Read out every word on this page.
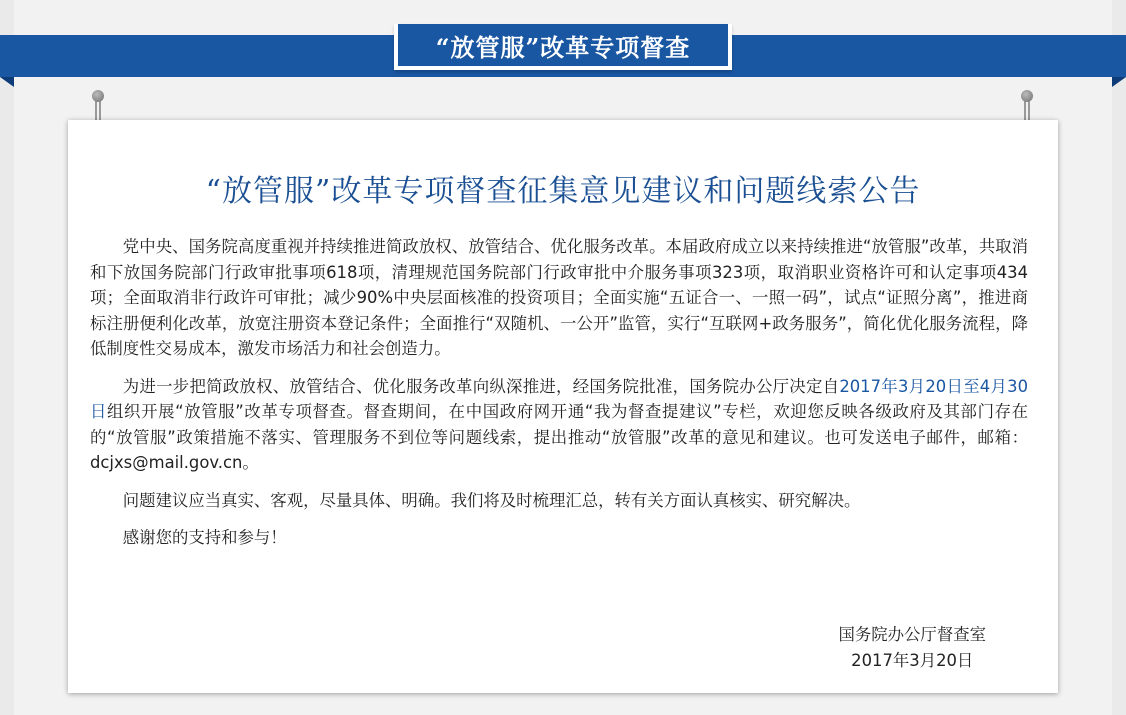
“放管服”改革专项督查
“放管服”改革专项督查征集意见建议和问题线索公告

党中央、国务院高度重视并持续推进简政放权、放管结合、优化服务改革。本届政府成立以来持续推进“放管服”改革，共取消和下放国务院部门行政审批事项618项，清理规范国务院部门行政审批中介服务事项323项，取消职业资格许可和认定事项434项；全面取消非行政许可审批；减少90%中央层面核准的投资项目；全面实施“五证合一、一照一码”，试点“证照分离”，推进商标注册便利化改革，放宽注册资本登记条件；全面推行“双随机、一公开”监管，实行“互联网+政务服务”，简化优化服务流程，降低制度性交易成本，激发市场活力和社会创造力。

为进一步把简政放权、放管结合、优化服务改革向纵深推进，经国务院批准，国务院办公厅决定自2017年3月20日至4月30日组织开展“放管服”改革专项督查。督查期间，在中国政府网开通“我为督查提建议”专栏，欢迎您反映各级政府及其部门存在的“放管服”政策措施不落实、管理服务不到位等问题线索，提出推动“放管服”改革的意见和建议。也可发送电子邮件，邮箱：dcjxs@mail.gov.cn。

问题建议应当真实、客观，尽量具体、明确。我们将及时梳理汇总，转有关方面认真核实、研究解决。

感谢您的支持和参与！

国务院办公厅督查室
2017年3月20日
